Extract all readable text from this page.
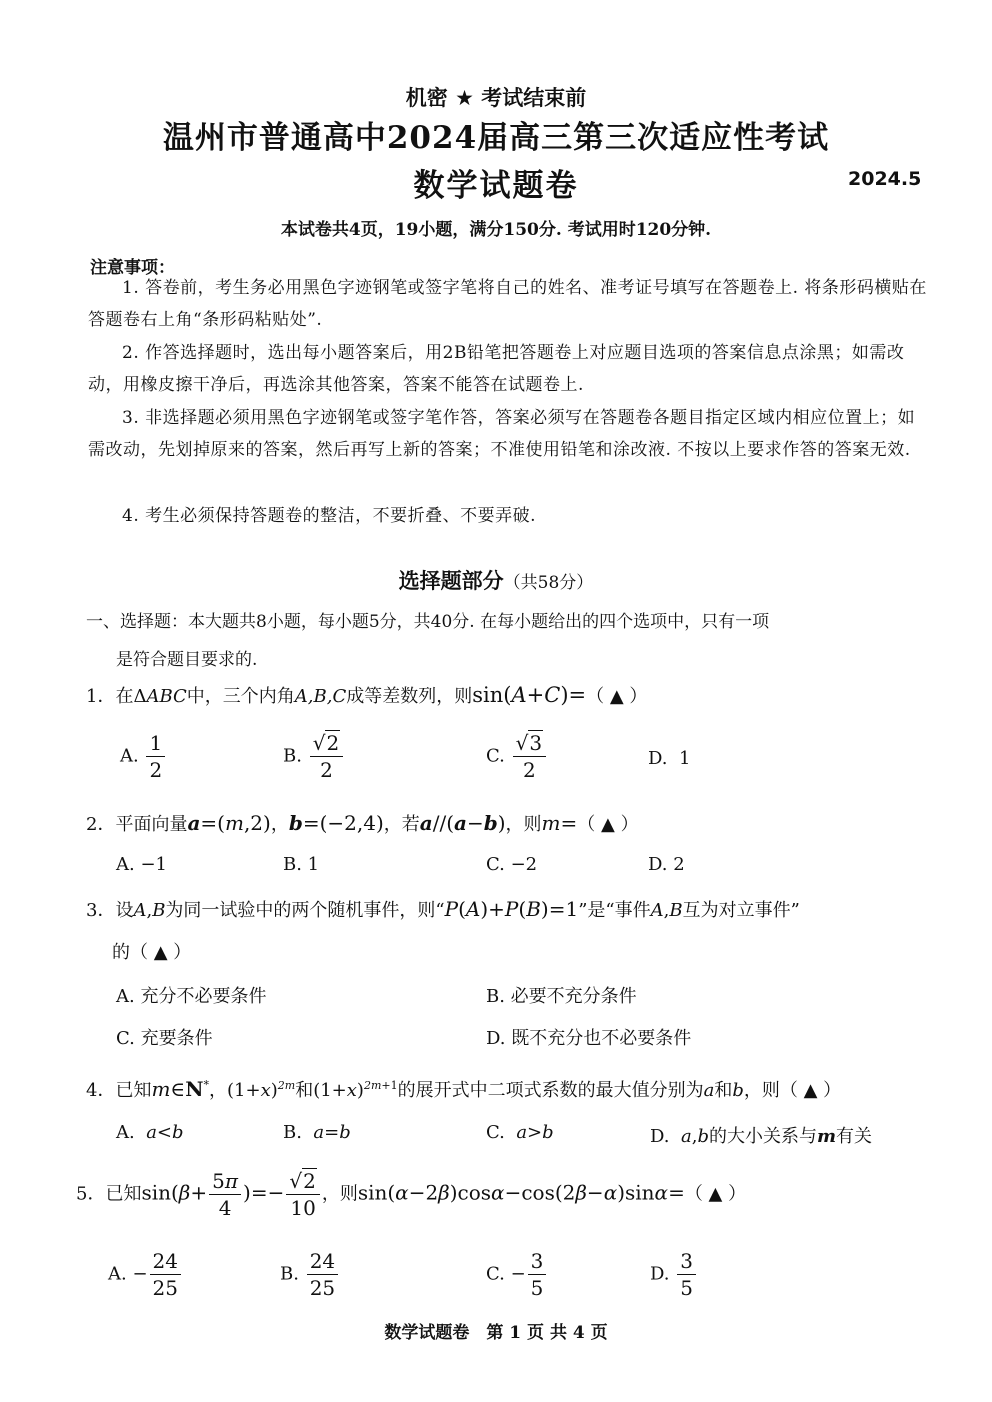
机密 ★ 考试结束前
温州市普通高中2024届高三第三次适应性考试
数学试题卷	2024.5
本试卷共4页，19小题，满分150分. 考试用时120分钟.
注意事项：
1. 答卷前，考生务必用黑色字迹钢笔或签字笔将自己的姓名、准考证号填写在答题卷上. 将条形码横贴在答题卷右上角“条形码粘贴处”.
2. 作答选择题时，选出每小题答案后，用2B铅笔把答题卷上对应题目选项的答案信息点涂黑；如需改动，用橡皮擦干净后，再选涂其他答案，答案不能答在试题卷上.
3. 非选择题必须用黑色字迹钢笔或签字笔作答，答案必须写在答题卷各题目指定区域内相应位置上；如需改动，先划掉原来的答案，然后再写上新的答案；不准使用铅笔和涂改液. 不按以上要求作答的答案无效.
4. 考生必须保持答题卷的整洁，不要折叠、不要弄破.
选择题部分（共58分）
一、选择题：本大题共8小题，每小题5分，共40分. 在每小题给出的四个选项中，只有一项
是符合题目要求的.
1．在ΔABC中，三个内角A,B,C成等差数列，则sin(A+C)=（ ▲ ）
A. $\frac{1}{2}$	B. $\frac{√2}{2}$	C. $\frac{√3}{2}$	D. 1
2．平面向量a=(m,2)，b=(−2,4)，若a//(a−b)，则m=（ ▲ ）
A. −1	B. 1	C. −2	D. 2
3．设A,B为同一试验中的两个随机事件，则“P(A)+P(B)=1”是“事件A,B互为对立事件”
的（ ▲ ）
A. 充分不必要条件	B. 必要不充分条件
C. 充要条件	D. 既不充分也不必要条件
4．已知m∈N*，$(1+x)^{2m}$和$(1+x)^{2m+1}$的展开式中二项式系数的最大值分别为a和b，则（ ▲ ）
A. a<b	B. a=b	C. a>b	D. a,b的大小关系与m有关
5．已知$\sin(\beta+ \frac{5\pi}{4}$ )=− $\frac{√2}{10}$ ，则sin(α−2β)cosα−cos(2β−α)sinα=（ ▲ ）
A. − $\frac{24}{25}$	B. $\frac{24}{25}$	C. − $\frac{3}{5}$	D. $\frac{3}{5}$
数学试题卷　第 1 页 共 4 页
